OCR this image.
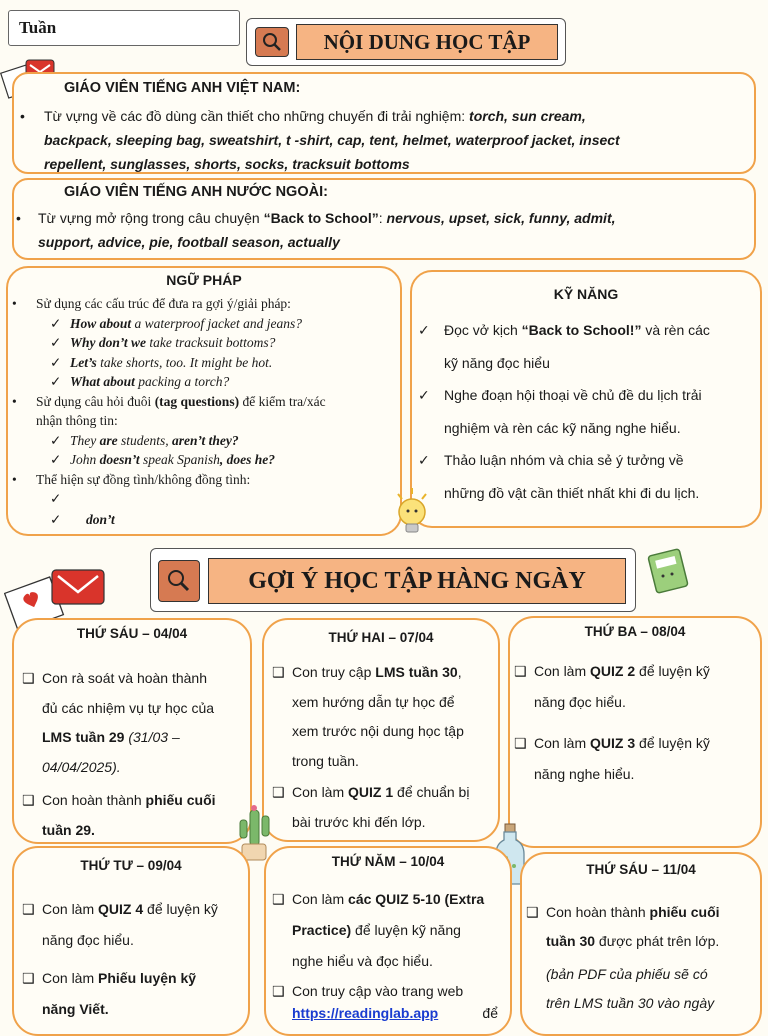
Tuần
NỘI DUNG HỌC TẬP
GIÁO VIÊN TIẾNG ANH VIỆT NAM:
• Từ vựng về các đồ dùng cần thiết cho những chuyến đi trải nghiệm: torch, sun cream,
backpack, sleeping bag, sweatshirt, t -shirt, cap, tent, helmet, waterproof jacket, insect
repellent, sunglasses, shorts, socks, tracksuit bottoms
GIÁO VIÊN TIẾNG ANH NƯỚC NGOÀI:
• Từ vựng mở rộng trong câu chuyện “Back to School”: nervous, upset, sick, funny, admit,
support, advice, pie, football season, actually
NGỮ PHÁP
• Sử dụng các cấu trúc để đưa ra gợi ý/giải pháp:
✓ How about a waterproof jacket and jeans?
✓ Why don’t we take tracksuit bottoms?
✓ Let’s take shorts, too. It might be hot.
✓ What about packing a torch?
• Sử dụng câu hỏi đuôi (tag questions) để kiểm tra/xác
nhận thông tin:
✓ They are students, aren’t they?
✓ John doesn’t speak Spanish, does he?
• Thể hiện sự đồng tình/không đồng tình:
✓
✓ don’t
KỸ NĂNG
✓ Đọc vở kịch “Back to School!” và rèn các
kỹ năng đọc hiểu
✓ Nghe đoạn hội thoại về chủ đề du lịch trải
nghiệm và rèn các kỹ năng nghe hiểu.
✓ Thảo luận nhóm và chia sẻ ý tưởng về
những đồ vật cần thiết nhất khi đi du lịch.
GỢI Ý HỌC TẬP HÀNG NGÀY
THỨ SÁU – 04/04
❑ Con rà soát và hoàn thành
đủ các nhiệm vụ tự học của
LMS tuần 29 (31/03 –
04/04/2025).
❑ Con hoàn thành phiếu cuối
tuần 29.
THỨ HAI – 07/04
❑ Con truy cập LMS tuần 30,
xem hướng dẫn tự học để
xem trước nội dung học tập
trong tuần.
❑ Con làm QUIZ 1 để chuẩn bị
bài trước khi đến lớp.
THỨ BA – 08/04
❑ Con làm QUIZ 2 để luyện kỹ
năng đọc hiểu.
❑ Con làm QUIZ 3 để luyện kỹ
năng nghe hiểu.
THỨ TƯ – 09/04
❑ Con làm QUIZ 4 để luyện kỹ
năng đọc hiểu.
❑ Con làm Phiếu luyện kỹ
năng Viết.
THỨ NĂM – 10/04
❑ Con làm các QUIZ 5-10 (Extra
Practice) để luyện kỹ năng
nghe hiểu và đọc hiểu.
❑ Con truy cập vào trang web
https://readinglab.app	để
THỨ SÁU – 11/04
❑ Con hoàn thành phiếu cuối
tuần 30 được phát trên lớp.
(bản PDF của phiếu sẽ có
trên LMS tuần 30 vào ngày
